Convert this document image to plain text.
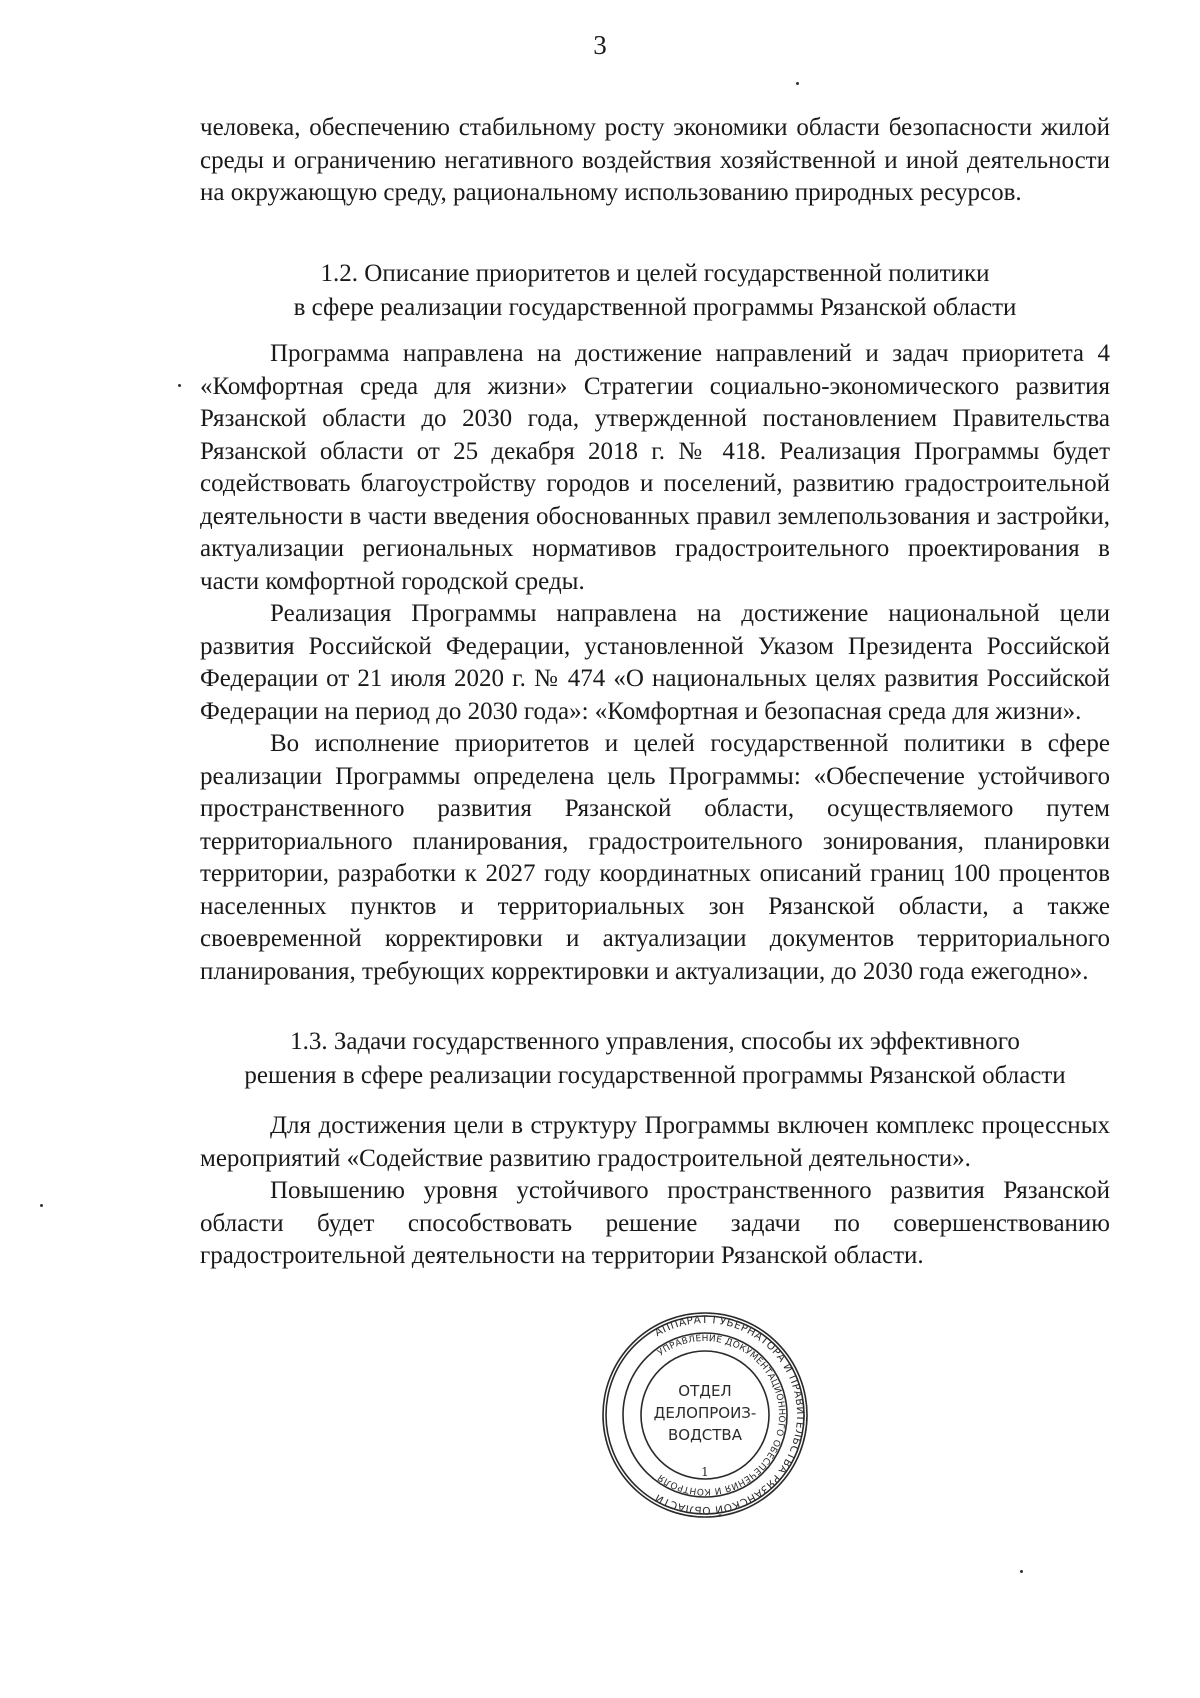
3

человека, обеспечению стабильному росту экономики области безопасности жилой среды и ограничению негативного воздействия хозяйственной и иной деятельности на окружающую среду, рациональному использованию природных ресурсов.

1.2. Описание приоритетов и целей государственной политики
в сфере реализации государственной программы Рязанской области

Программа направлена на достижение направлений и задач приоритета 4 «Комфортная среда для жизни» Стратегии социально-экономического развития Рязанской области до 2030 года, утвержденной постановлением Правительства Рязанской области от 25 декабря 2018 г. № 418. Реализация Программы будет содействовать благоустройству городов и поселений, развитию градостроительной деятельности в части введения обоснованных правил землепользования и застройки, актуализации региональных нормативов градостроительного проектирования в части комфортной городской среды.

Реализация Программы направлена на достижение национальной цели развития Российской Федерации, установленной Указом Президента Российской Федерации от 21 июля 2020 г. № 474 «О национальных целях развития Российской Федерации на период до 2030 года»: «Комфортная и безопасная среда для жизни».

Во исполнение приоритетов и целей государственной политики в сфере реализации Программы определена цель Программы: «Обеспечение устойчивого пространственного развития Рязанской области, осуществляемого путем территориального планирования, градостроительного зонирования, планировки территории, разработки к 2027 году координатных описаний границ 100 процентов населенных пунктов и территориальных зон Рязанской области, а также своевременной корректировки и актуализации документов территориального планирования, требующих корректировки и актуализации, до 2030 года ежегодно».

1.3. Задачи государственного управления, способы их эффективного
решения в сфере реализации государственной программы Рязанской области

Для достижения цели в структуру Программы включен комплекс процессных мероприятий «Содействие развитию градостроительной деятельности».

Повышению уровня устойчивого пространственного развития Рязанской области будет способствовать решение задачи по совершенствованию градостроительной деятельности на территории Рязанской области.

АППАРАТ ГУБЕРНАТОРА И ПРАВИТЕЛЬСТВА РЯЗАНСКОЙ ОБЛАСТИ
УПРАВЛЕНИЕ ДОКУМЕНТАЦИОННОГО ОБЕСПЕЧЕНИЯ И КОНТРОЛЯ
ОТДЕЛ
ДЕЛОПРОИЗ-
ВОДСТВА
1
